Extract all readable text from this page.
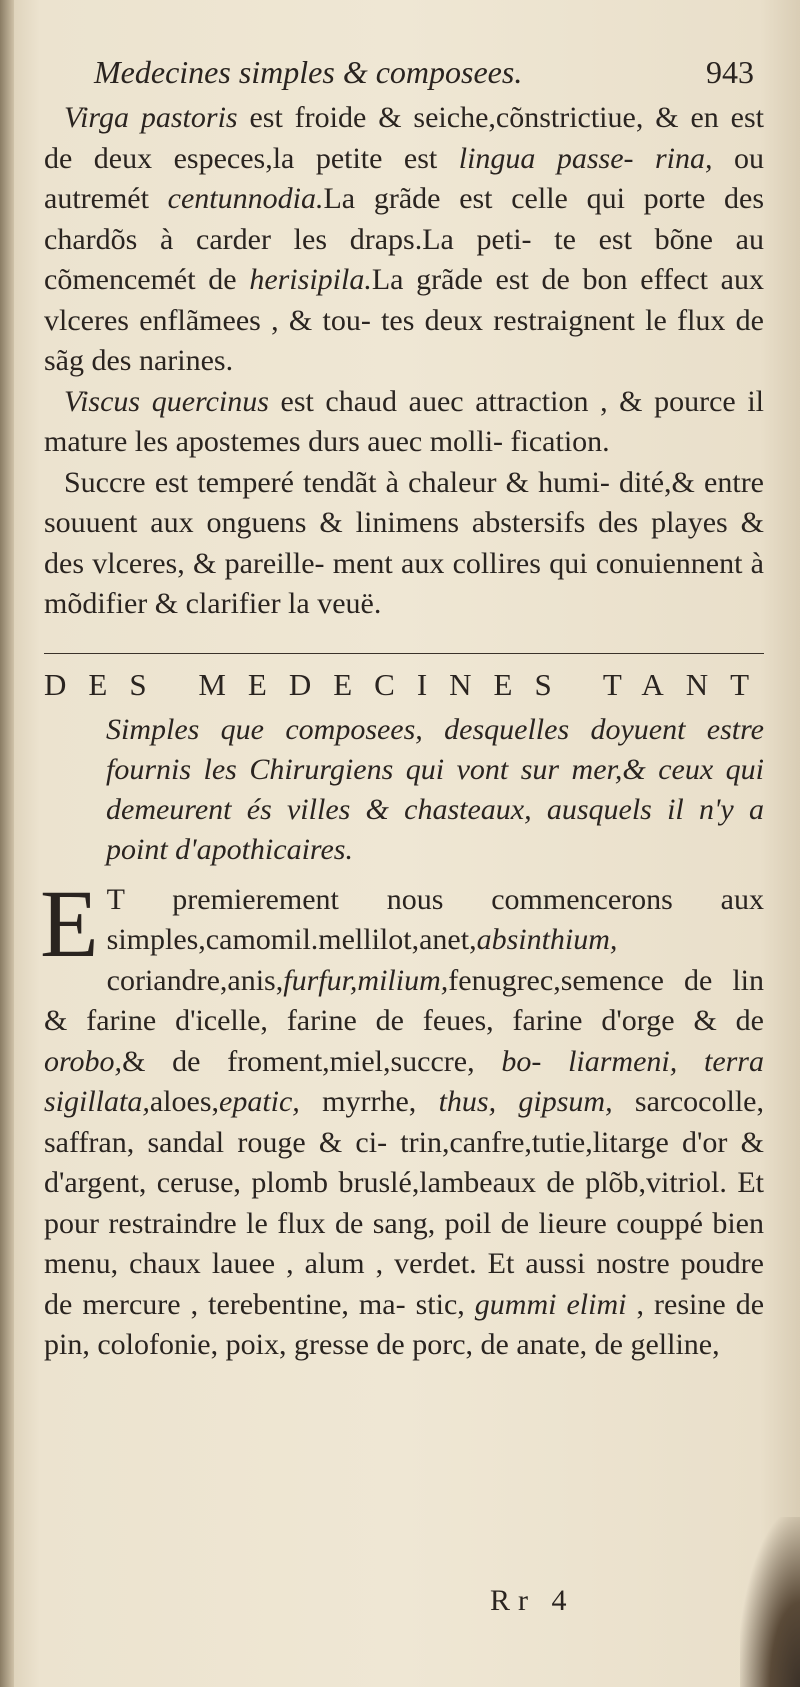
Medecines simples & composees.	943

Virga pastoris est froide & seiche,cõnstrictiue, & en est de deux especes,la petite est lingua passe- rina, ou autremét centunnodia.La grãde est celle qui porte des chardõs à carder les draps.La peti- te est bõne au cõmencemét de herisipila.La grãde est de bon effect aux vlceres enflãmees , & tou- tes deux restraignent le flux de sãg des narines.

Viscus quercinus est chaud auec attraction , & pource il mature les apostemes durs auec molli- fication.

Succre est temperé tendãt à chaleur & humi- dité,& entre souuent aux onguens & linimens abstersifs des playes & des vlceres, & pareille- ment aux collires qui conuiennent à mõdifier & clarifier la veuë.

DES MEDECINES TANT

Simples que composees, desquelles doyuent estre fournis les Chirurgiens qui vont sur mer,& ceux qui demeurent és villes & chasteaux, ausquels il n'y a point d'apothicaires.

E T premierement nous commencerons aux simples,camomil.mellilot,anet,absinthium, coriandre,anis,furfur,milium,fenugrec,semence de lin & farine d'icelle, farine de feues, farine d'orge & de orobo,& de froment,miel,succre, bo- liarmeni, terra sigillata,aloes,epatic, myrrhe, thus, gipsum, sarcocolle, saffran, sandal rouge & ci- trin,canfre,tutie,litarge d'or & d'argent, ceruse, plomb bruslé,lambeaux de plõb,vitriol. Et pour restraindre le flux de sang, poil de lieure couppé bien menu, chaux lauee , alum , verdet. Et aussi nostre poudre de mercure , terebentine, ma- stic, gummi elimi , resine de pin, colofonie, poix, gresse de porc, de anate, de gelline,

Rr 4
